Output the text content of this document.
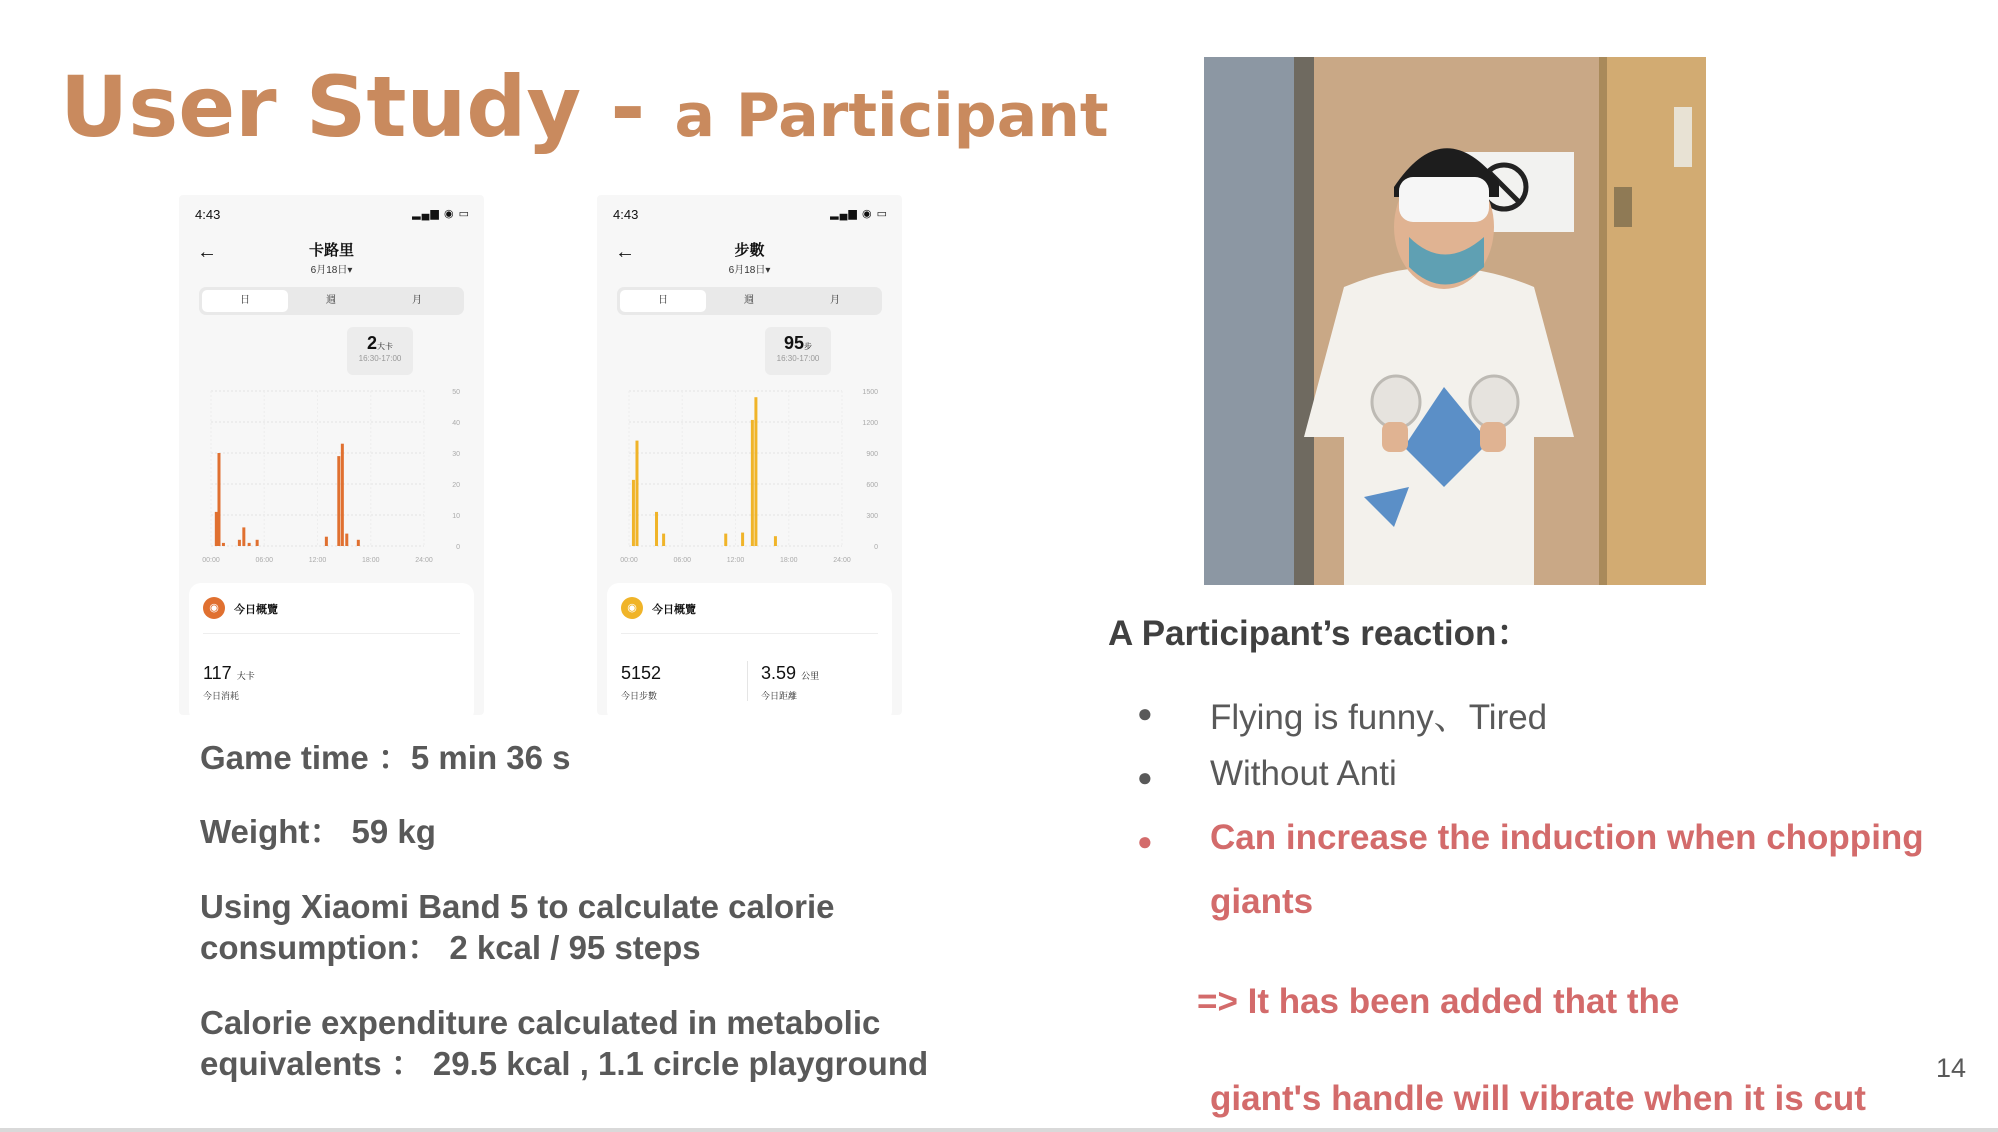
User Study - a Participant
4:43	▂▄▆ ◉ ▭
←	卡路里
6月18日▾
日	週	月
2大卡
16:30-17:00
50
40
30
20
10
0
00:00	06:00	12:00	18:00	24:00
◉	今日概覽
117 大卡
今日消耗
4:43	▂▄▆ ◉ ▭
←	步數
6月18日▾
日	週	月
95步
16:30-17:00
1500
1200
900
600
300
0
00:00	06:00	12:00	18:00	24:00
◉	今日概覽
5152
今日步數
3.59 公里
今日距離
Game time ：5 min 36 s
Weight： 59 kg
Using Xiaomi Band 5 to calculate calorie
consumption： 2 kcal / 95 steps
Calorie expenditure calculated in metabolic
equivalents ： 29.5 kcal , 1.1 circle playground
A Participant’s reaction：
● Flying is funny、Tired
● Without Anti
● Can increase the induction when chopping
giants
=> It has been added that the
giant's handle will vibrate when it is cut
14
